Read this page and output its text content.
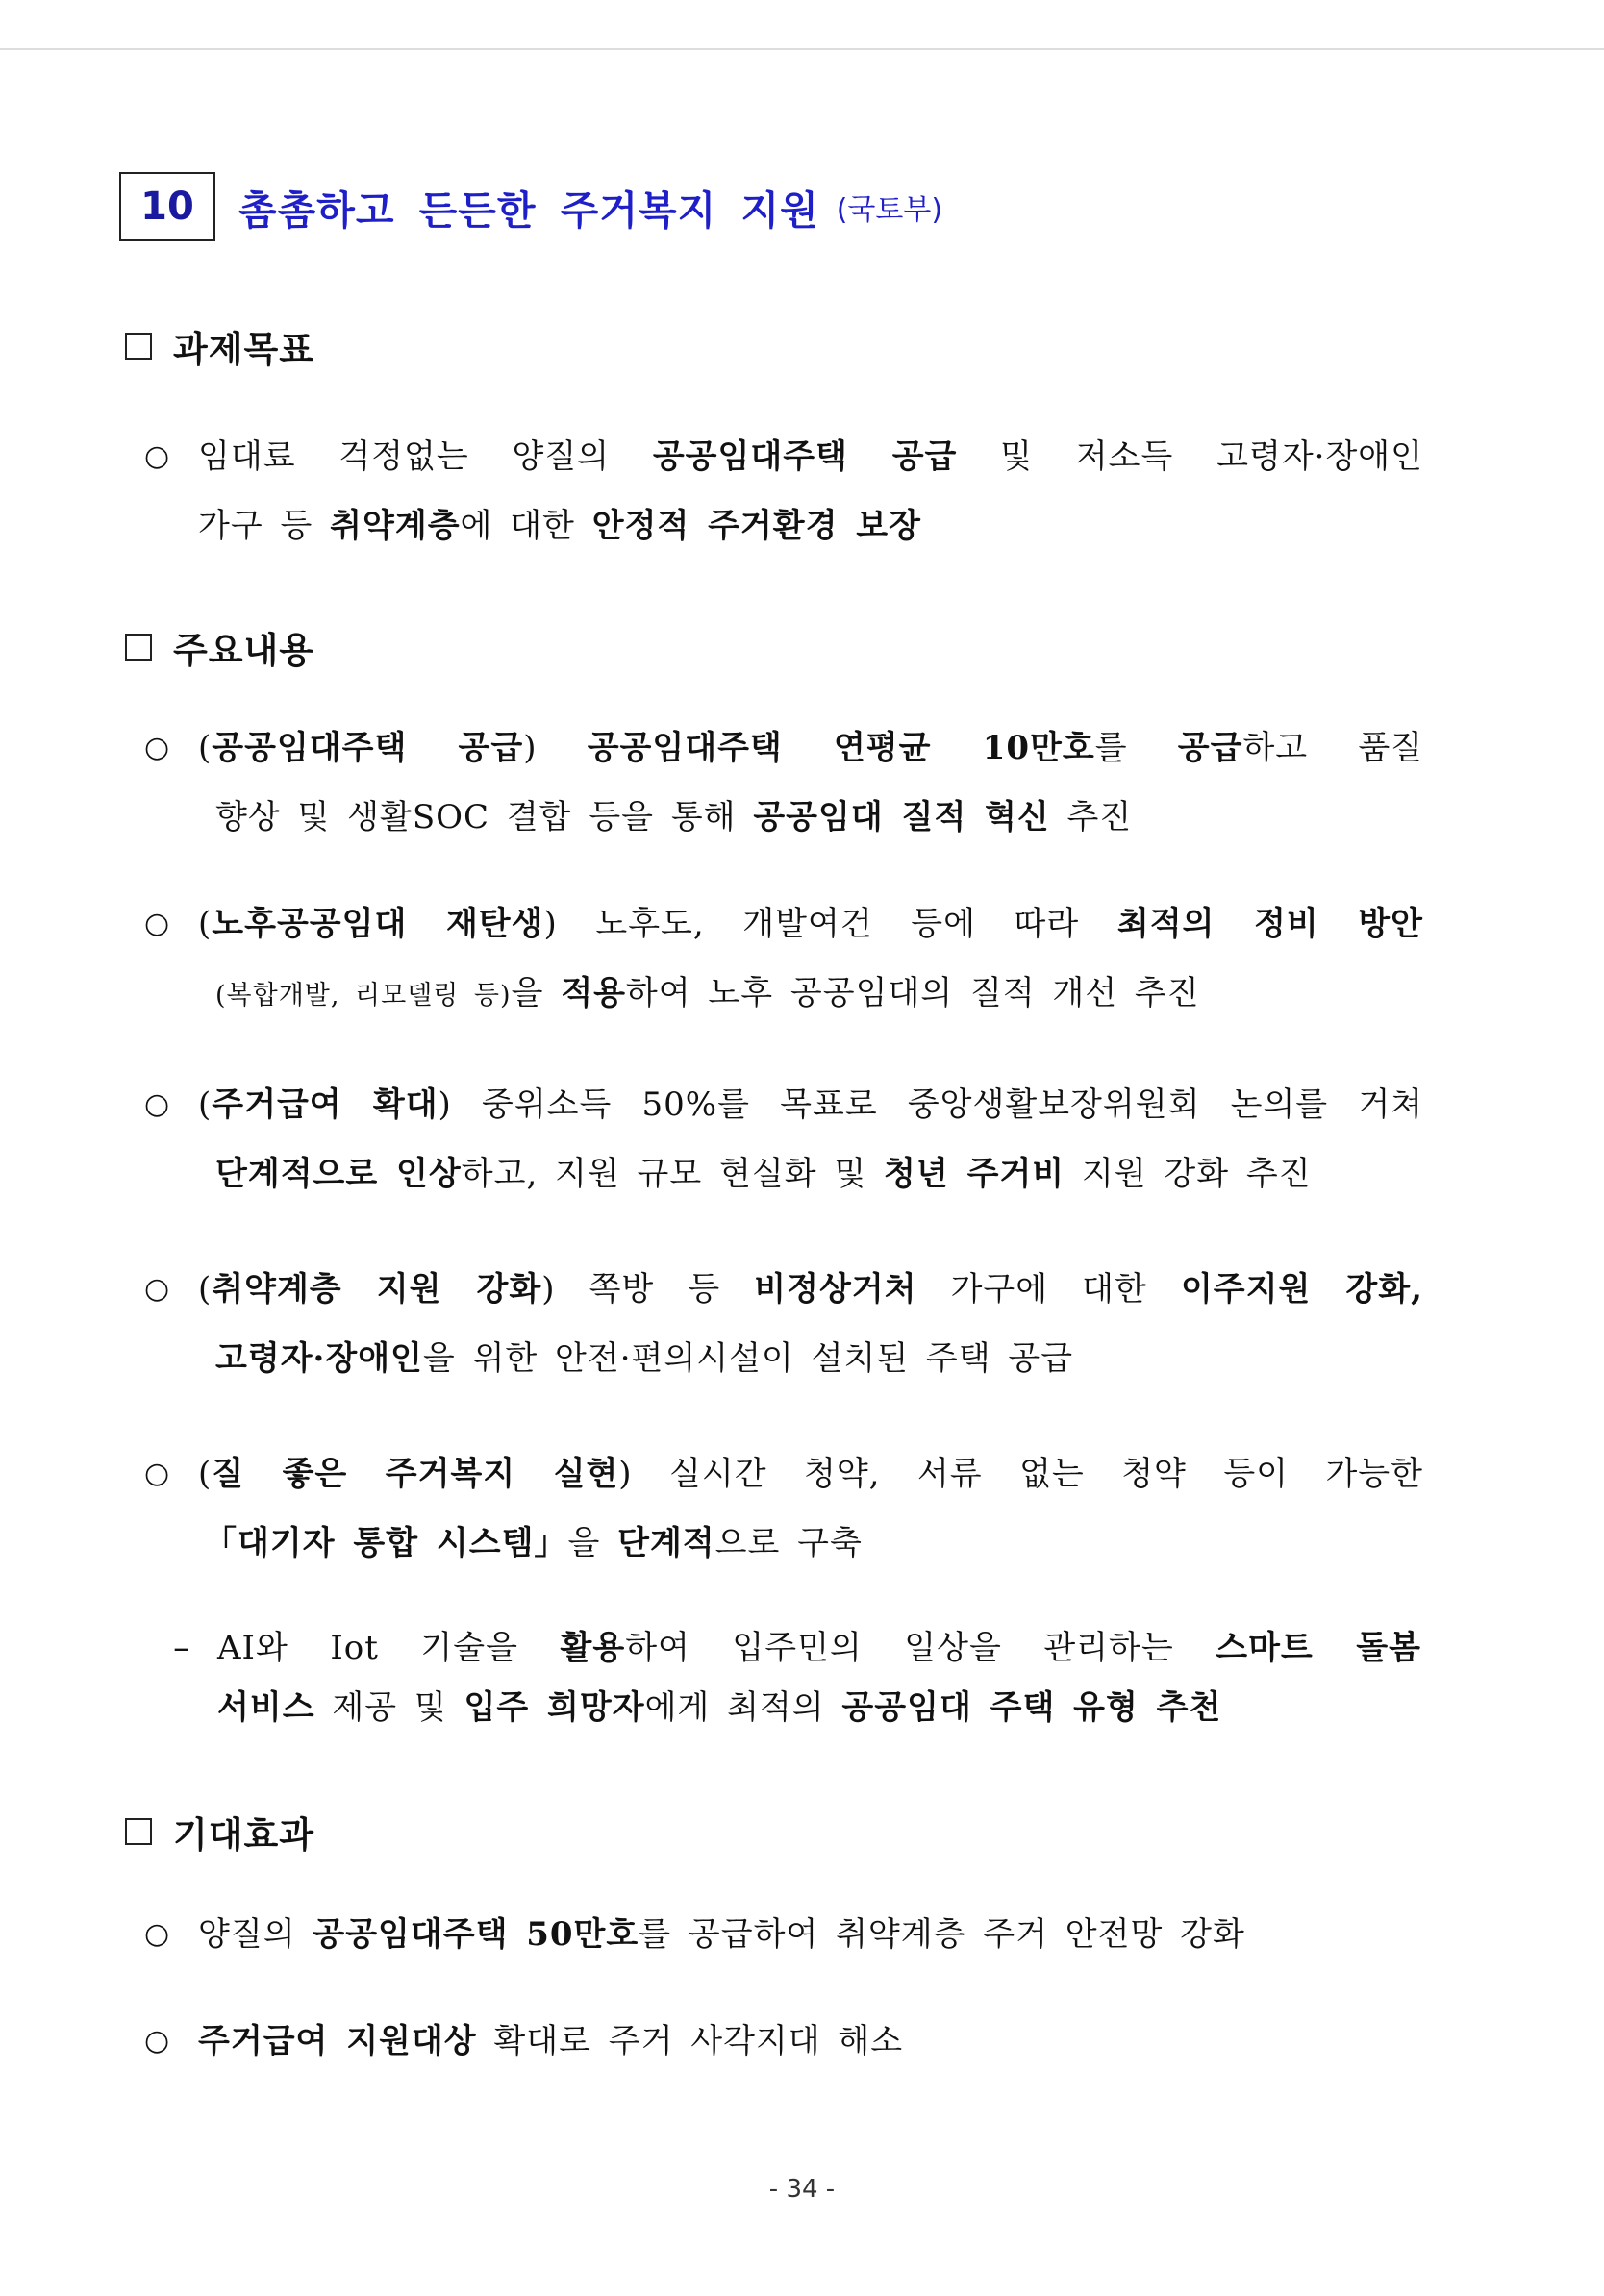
10	촘촘하고 든든한 주거복지 지원 (국토부)
과제목표
○ 임대료 걱정없는 양질의 공공임대주택 공급 및 저소득 고령자·장애인
가구 등 취약계층에 대한 안정적 주거환경 보장
주요내용
○ (공공임대주택 공급) 공공임대주택 연평균 10만호를 공급하고 품질
향상 및 생활SOC 결합 등을 통해 공공임대 질적 혁신 추진
○ (노후공공임대 재탄생) 노후도, 개발여건 등에 따라 최적의 정비 방안
(복합개발, 리모델링 등)을 적용하여 노후 공공임대의 질적 개선 추진
○ (주거급여 확대) 중위소득 50%를 목표로 중앙생활보장위원회 논의를 거쳐
단계적으로 인상하고, 지원 규모 현실화 및 청년 주거비 지원 강화 추진
○ (취약계층 지원 강화) 쪽방 등 비정상거처 가구에 대한 이주지원 강화,
고령자·장애인을 위한 안전·편의시설이 설치된 주택 공급
○ (질 좋은 주거복지 실현) 실시간 청약, 서류 없는 청약 등이 가능한
「대기자 통합 시스템」을 단계적으로 구축
– AI와 Iot 기술을 활용하여 입주민의 일상을 관리하는 스마트 돌봄
서비스 제공 및 입주 희망자에게 최적의 공공임대 주택 유형 추천
기대효과
○ 양질의 공공임대주택 50만호를 공급하여 취약계층 주거 안전망 강화
○ 주거급여 지원대상 확대로 주거 사각지대 해소
- 34 -
